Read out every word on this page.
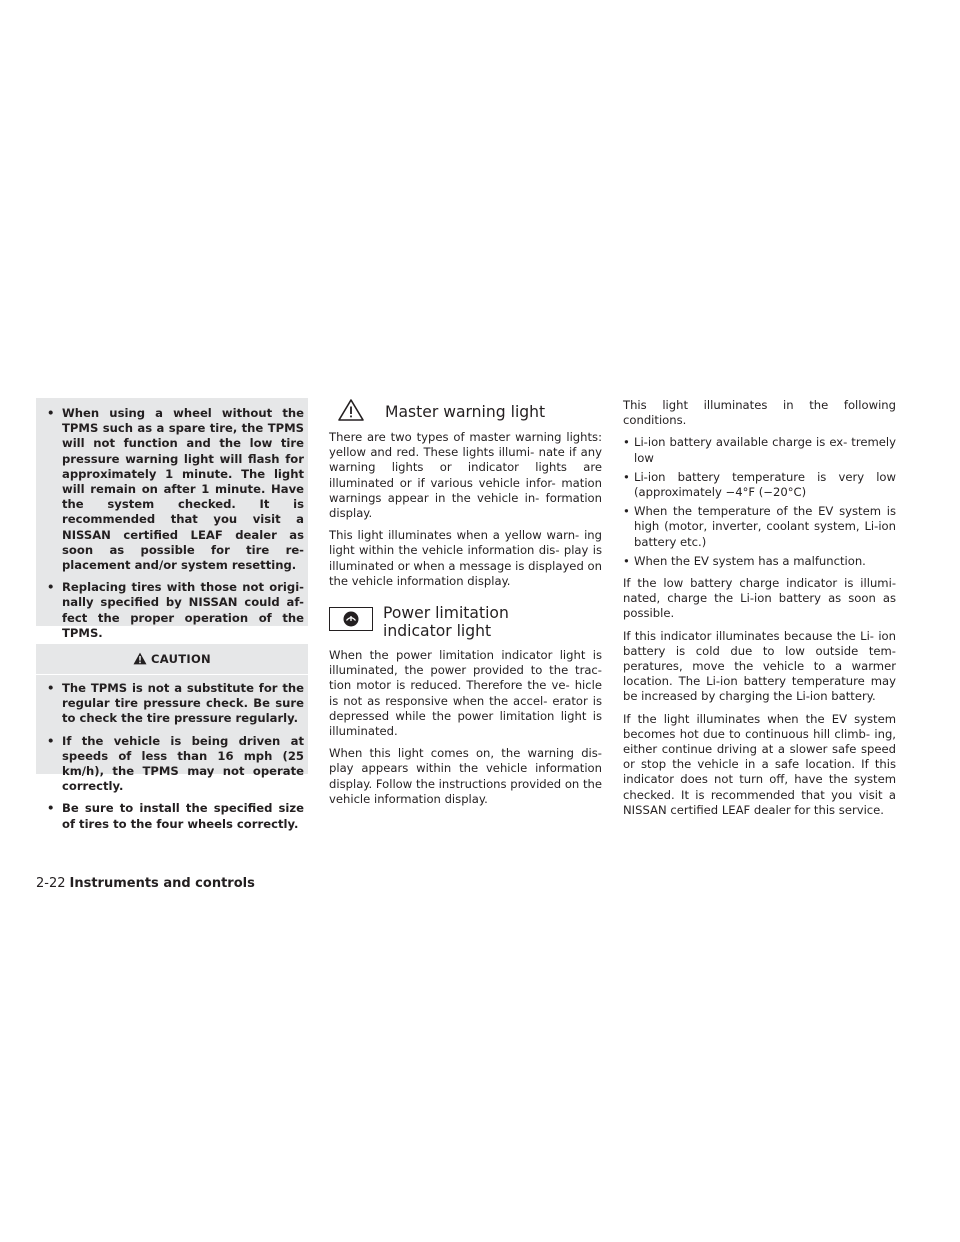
• When using a wheel without the TPMS such as a spare tire, the TPMS will not function and the low tire pressure warning light will flash for approximately 1 minute. The light will remain on after 1 minute. Have the system checked. It is recommended that you visit a NISSAN certified LEAF dealer as soon as possible for tire re- placement and/or system resetting.
• Replacing tires with those not origi- nally specified by NISSAN could af- fect the proper operation of the TPMS.
CAUTION
• The TPMS is not a substitute for the regular tire pressure check. Be sure to check the tire pressure regularly.
• If the vehicle is being driven at speeds of less than 16 mph (25 km/h), the TPMS may not operate correctly.
• Be sure to install the specified size of tires to the four wheels correctly.
Master warning light

There are two types of master warning lights: yellow and red. These lights illumi- nate if any warning lights or indicator lights are illuminated or if various vehicle infor- mation warnings appear in the vehicle in- formation display.

This light illuminates when a yellow warn- ing light within the vehicle information dis- play is illuminated or when a message is displayed on the vehicle information display.

Power limitation
indicator light

When the power limitation indicator light is illuminated, the power provided to the trac- tion motor is reduced. Therefore the ve- hicle is not as responsive when the accel- erator is depressed while the power limitation light is illuminated.

When this light comes on, the warning dis- play appears within the vehicle information display. Follow the instructions provided on the vehicle information display.

This light illuminates in the following conditions.

• Li-ion battery available charge is ex- tremely low
• Li-ion battery temperature is very low (approximately −4°F (−20°C)
• When the temperature of the EV system is high (motor, inverter, coolant system, Li-ion battery etc.)
• When the EV system has a malfunction.

If the low battery charge indicator is illumi- nated, charge the Li-ion battery as soon as possible.

If this indicator illuminates because the Li- ion battery is cold due to low outside tem- peratures, move the vehicle to a warmer location. The Li-ion battery temperature may be increased by charging the Li-ion battery.

If the light illuminates when the EV system becomes hot due to continuous hill climb- ing, either continue driving at a slower safe speed or stop the vehicle in a safe location. If this indicator does not turn off, have the system checked. It is recommended that you visit a NISSAN certified LEAF dealer for this service.

2-22 Instruments and controls
